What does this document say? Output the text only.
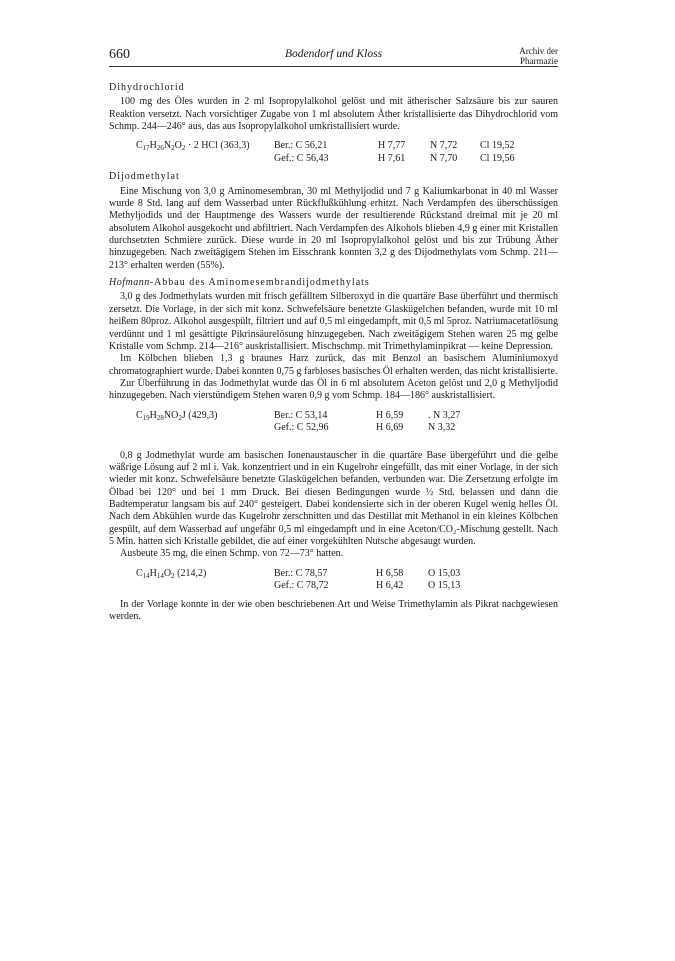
660	Bodendorf und Kloss	Archiv der
Pharmazie
Dihydrochlorid

100 mg des Öles wurden in 2 ml Isopropylalkohol gelöst und mit ätherischer Salzsäure bis zur sauren Reaktion versetzt. Nach vorsichtiger Zugabe von 1 ml absolutem Äther kristallisierte das Dihydrochlorid vom Schmp. 244—246° aus, das aus Isopropylalkohol umkristallisiert wurde.

$C_{17}H_{26}N_2O_2 \cdot 2$ HCl (363,3)	Ber.: C 56,21	H 7,77	N 7,72	Cl 19,52
Gef.: C 56,43	H 7,61	N 7,70	Cl 19,56
Dijodmethylat

Eine Mischung von 3,0 g Aminomesembran, 30 ml Methyljodid und 7 g Kaliumkarbonat in 40 ml Wasser wurde 8 Std. lang auf dem Wasserbad unter Rückflußkühlung erhitzt. Nach Verdampfen des überschüssigen Methyljodids und der Hauptmenge des Wassers wurde der resultierende Rückstand dreimal mit je 20 ml absolutem Alkohol ausgekocht und abfiltriert. Nach Verdampfen des Alkohols blieben 4,9 g einer mit Kristallen durchsetzten Schmiere zurück. Diese wurde in 20 ml Isopropylalkohol gelöst und bis zur Trübung Äther hinzugegeben. Nach zweitägigem Stehen im Eisschrank konnten 3,2 g des Dijodmethylats vom Schmp. 211—213° erhalten werden (55%).

Hofmann-Abbau des Aminomesembrandijodmethylats

3,0 g des Jodmethylats wurden mit frisch gefälltem Silberoxyd in die quartäre Base überführt und thermisch zersetzt. Die Vorlage, in der sich mit konz. Schwefelsäure benetzte Glaskügelchen befanden, wurde mit 10 ml heißem 80proz. Alkohol ausgespült, filtriert und auf 0,5 ml eingedampft, mit 0,5 ml 5proz. Natriumacetatlösung verdünnt und 1 ml gesättigte Pikrinsäurelösung hinzugegeben. Nach zweitägigem Stehen waren 25 mg gelbe Kristalle vom Schmp. 214—216° auskristallisiert. Mischschmp. mit Trimethylaminpikrat — keine Depression.

Im Kölbchen blieben 1,3 g braunes Harz zurück, das mit Benzol an basischem Aluminiumoxyd chromatographiert wurde. Dabei konnten 0,75 g farbloses basisches Öl erhalten werden, das nicht kristallisierte.

Zur Überführung in das Jodmethylat wurde das Öl in 6 ml absolutem Aceton gelöst und 2,0 g Methyljodid hinzugegeben. Nach vierstündigem Stehen waren 0,9 g vom Schmp. 184—186° auskristallisiert.

$C_{19}H_{28}NO_2J$ (429,3)	Ber.: C 53,14	H 6,59	. N 3,27
Gef.: C 52,96	H 6,69	N 3,32

0,8 g Jodmethylat wurde am basischen Ionenaustauscher in die quartäre Base übergeführt und die gelbe wäßrige Lösung auf 2 ml i. Vak. konzentriert und in ein Kugelrohr eingefüllt, das mit einer Vorlage, in der sich wieder mit konz. Schwefelsäure benetzte Glaskügelchen befanden, verbunden war. Die Zersetzung erfolgte im Ölbad bei 120° und bei 1 mm Druck. Bei diesen Bedingungen wurde ½ Std. belassen und dann die Badtemperatur langsam bis auf 240° gesteigert. Dabei kondensierte sich in der oberen Kugel wenig helles Öl. Nach dem Abkühlen wurde das Kugelrohr zerschnitten und das Destillat mit Methanol in ein kleines Kölbchen gespült, auf dem Wasserbad auf ungefähr 0,5 ml eingedampft und in eine Aceton/CO₂-Mischung gestellt. Nach 5 Min. hatten sich Kristalle gebildet, die auf einer vorgekühlten Nutsche abgesaugt wurden.

Ausbeute 35 mg, die einen Schmp. von 72—73° hatten.

$C_{14}H_{14}O_2$ (214,2)	Ber.: C 78,57	H 6,58	O 15,03
Gef.: C 78,72	H 6,42	O 15,13

In der Vorlage konnte in der wie oben beschriebenen Art und Weise Trimethylamin als Pikrat nachgewiesen werden.
